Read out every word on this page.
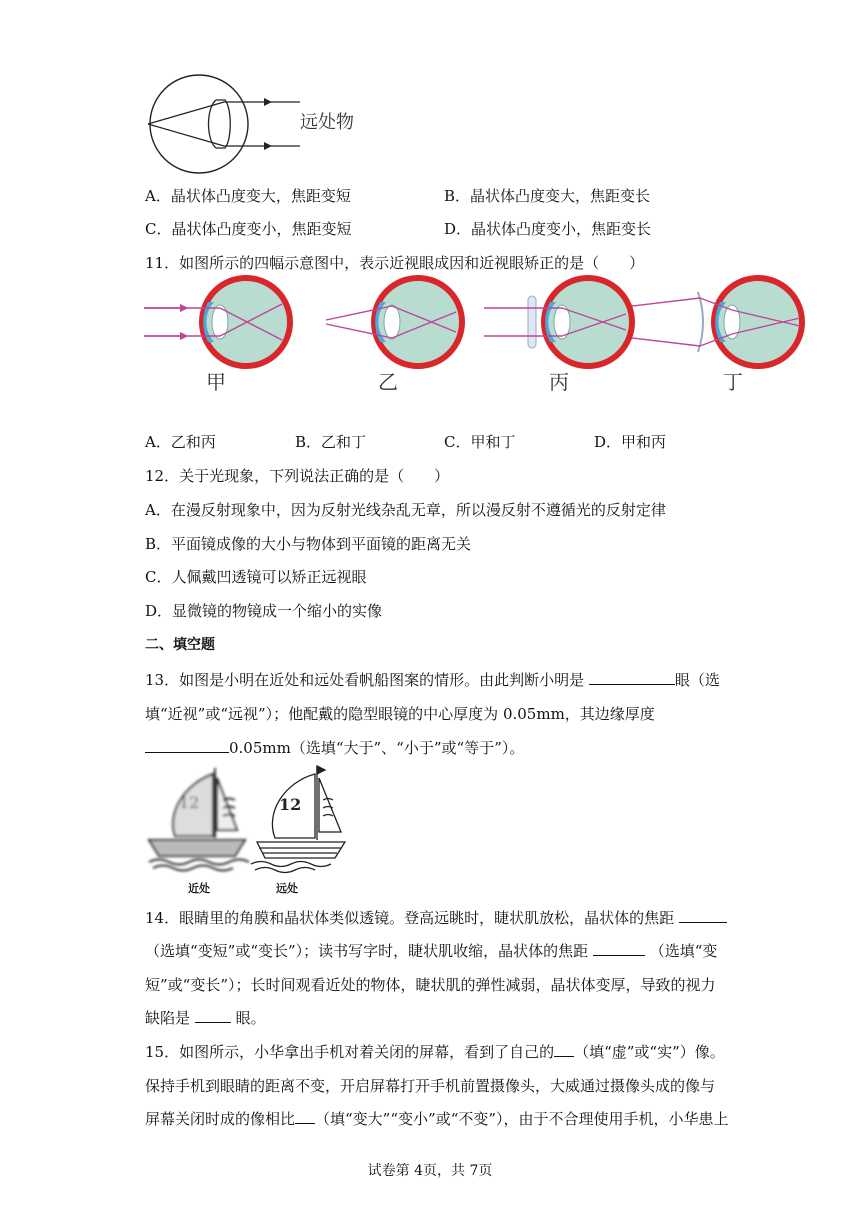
远处物
A．晶状体凸度变大，焦距变短	B．晶状体凸度变大，焦距变长
C．晶状体凸度变小，焦距变短	D．晶状体凸度变小，焦距变长
11．如图所示的四幅示意图中，表示近视眼成因和近视眼矫正的是（　　）
甲	乙	丙	丁
A．乙和丙	B．乙和丁	C．甲和丁	D．甲和丙
12．关于光现象，下列说法正确的是（　　）
A．在漫反射现象中，因为反射光线杂乱无章，所以漫反射不遵循光的反射定律
B．平面镜成像的大小与物体到平面镜的距离无关
C．人佩戴凹透镜可以矫正远视眼
D．显微镜的物镜成一个缩小的实像
二、填空题
13．如图是小明在近处和远处看帆船图案的情形。由此判断小明是	眼（选
填“近视”或“远视”）；他配戴的隐型眼镜的中心厚度为 0.05mm，其边缘厚度
0.05mm（选填“大于”、“小于”或“等于”）。
12	12
近处	远处
14．眼睛里的角膜和晶状体类似透镜。登高远眺时，睫状肌放松，晶状体的焦距
（选填“变短”或“变长”）；读书写字时，睫状肌收缩，晶状体的焦距	（选填“变
短”或“变长”）；长时间观看近处的物体，睫状肌的弹性减弱，晶状体变厚，导致的视力
缺陷是	眼。
15．如图所示，小华拿出手机对着关闭的屏幕，看到了自己的 （填“虚”或“实”）像。
保持手机到眼睛的距离不变，开启屏幕打开手机前置摄像头，大威通过摄像头成的像与
屏幕关闭时成的像相比 （填“变大”“变小”或“不变”），由于不合理使用手机，小华患上
试卷第 4页，共 7页
